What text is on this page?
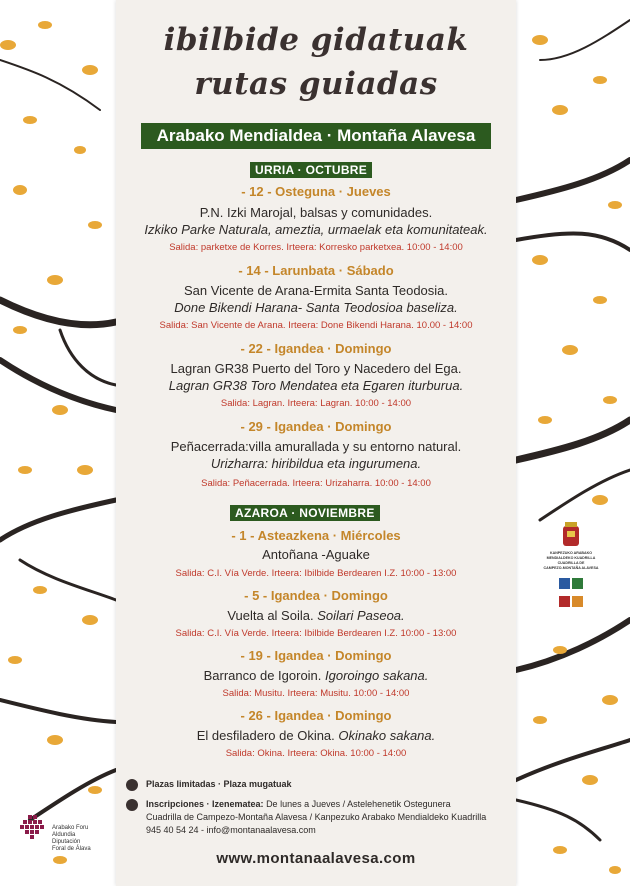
ibilbide gidatuak
rutas guiadas
Arabako Mendialdea · Montaña Alavesa
URRIA · OCTUBRE
- 12 - Osteguna · Jueves
P.N. Izki Marojal, balsas y comunidades.
Izkiko Parke Naturala, ameztia, urmaelak eta komunitateak.
Salida: parketxe de Korres. Irteera: Korresko parketxea. 10:00 - 14:00
- 14 - Larunbata · Sábado
San Vicente de Arana-Ermita Santa Teodosia.
Done Bikendi Harana- Santa Teodosioa baseliza.
Salida: San Vicente de Arana. Irteera: Done Bikendi Harana. 10.00 - 14:00
- 22 - Igandea · Domingo
Lagran GR38 Puerto del Toro y Nacedero del Ega.
Lagran GR38 Toro Mendatea eta Egaren iturburua.
Salida: Lagran. Irteera: Lagran. 10:00 - 14:00
- 29 - Igandea · Domingo
Peñacerrada:villa amurallada y su entorno natural.
Urizharra: hiribildua eta ingurumena.
Salida: Peñacerrada. Irteera: Urizaharra. 10:00 - 14:00
AZAROA · NOVIEMBRE
- 1 - Asteazkena · Miércoles
Antoñana -Aguake
Salida: C.I. Vía Verde. Irteera: Ibilbide Berdearen I.Z. 10:00 - 13:00
- 5 - Igandea · Domingo
Vuelta al Soila. Soilari Paseoa.
Salida: C.I. Vía Verde. Irteera: Ibilbide Berdearen I.Z. 10:00 - 13:00
- 19 - Igandea · Domingo
Barranco de Igoroin. Igoroingo sakana.
Salida: Musitu. Irteera: Musitu. 10:00 - 14:00
- 26 - Igandea · Domingo
El desfiladero de Okina. Okinako sakana.
Salida: Okina. Irteera: Okina. 10:00 - 14:00
Plazas limitadas · Plaza mugatuak
Inscripciones · Izenematea: De lunes a Jueves / Astelehenetik Ostegunera
Cuadrilla de Campezo-Montaña Alavesa / Kanpezuko Arabako Mendialdeko Kuadrilla
945 40 54 24 - info@montanaalavesa.com
www.montanaalavesa.com
KANPEZUKO ARABAKO
MENDIALDEKO KUADRILLA
CUADRILLA DE
CAMPEZO-MONTAÑA ALAVESA
Arabako Foru
Aldundia
Diputación
Foral de Álava
